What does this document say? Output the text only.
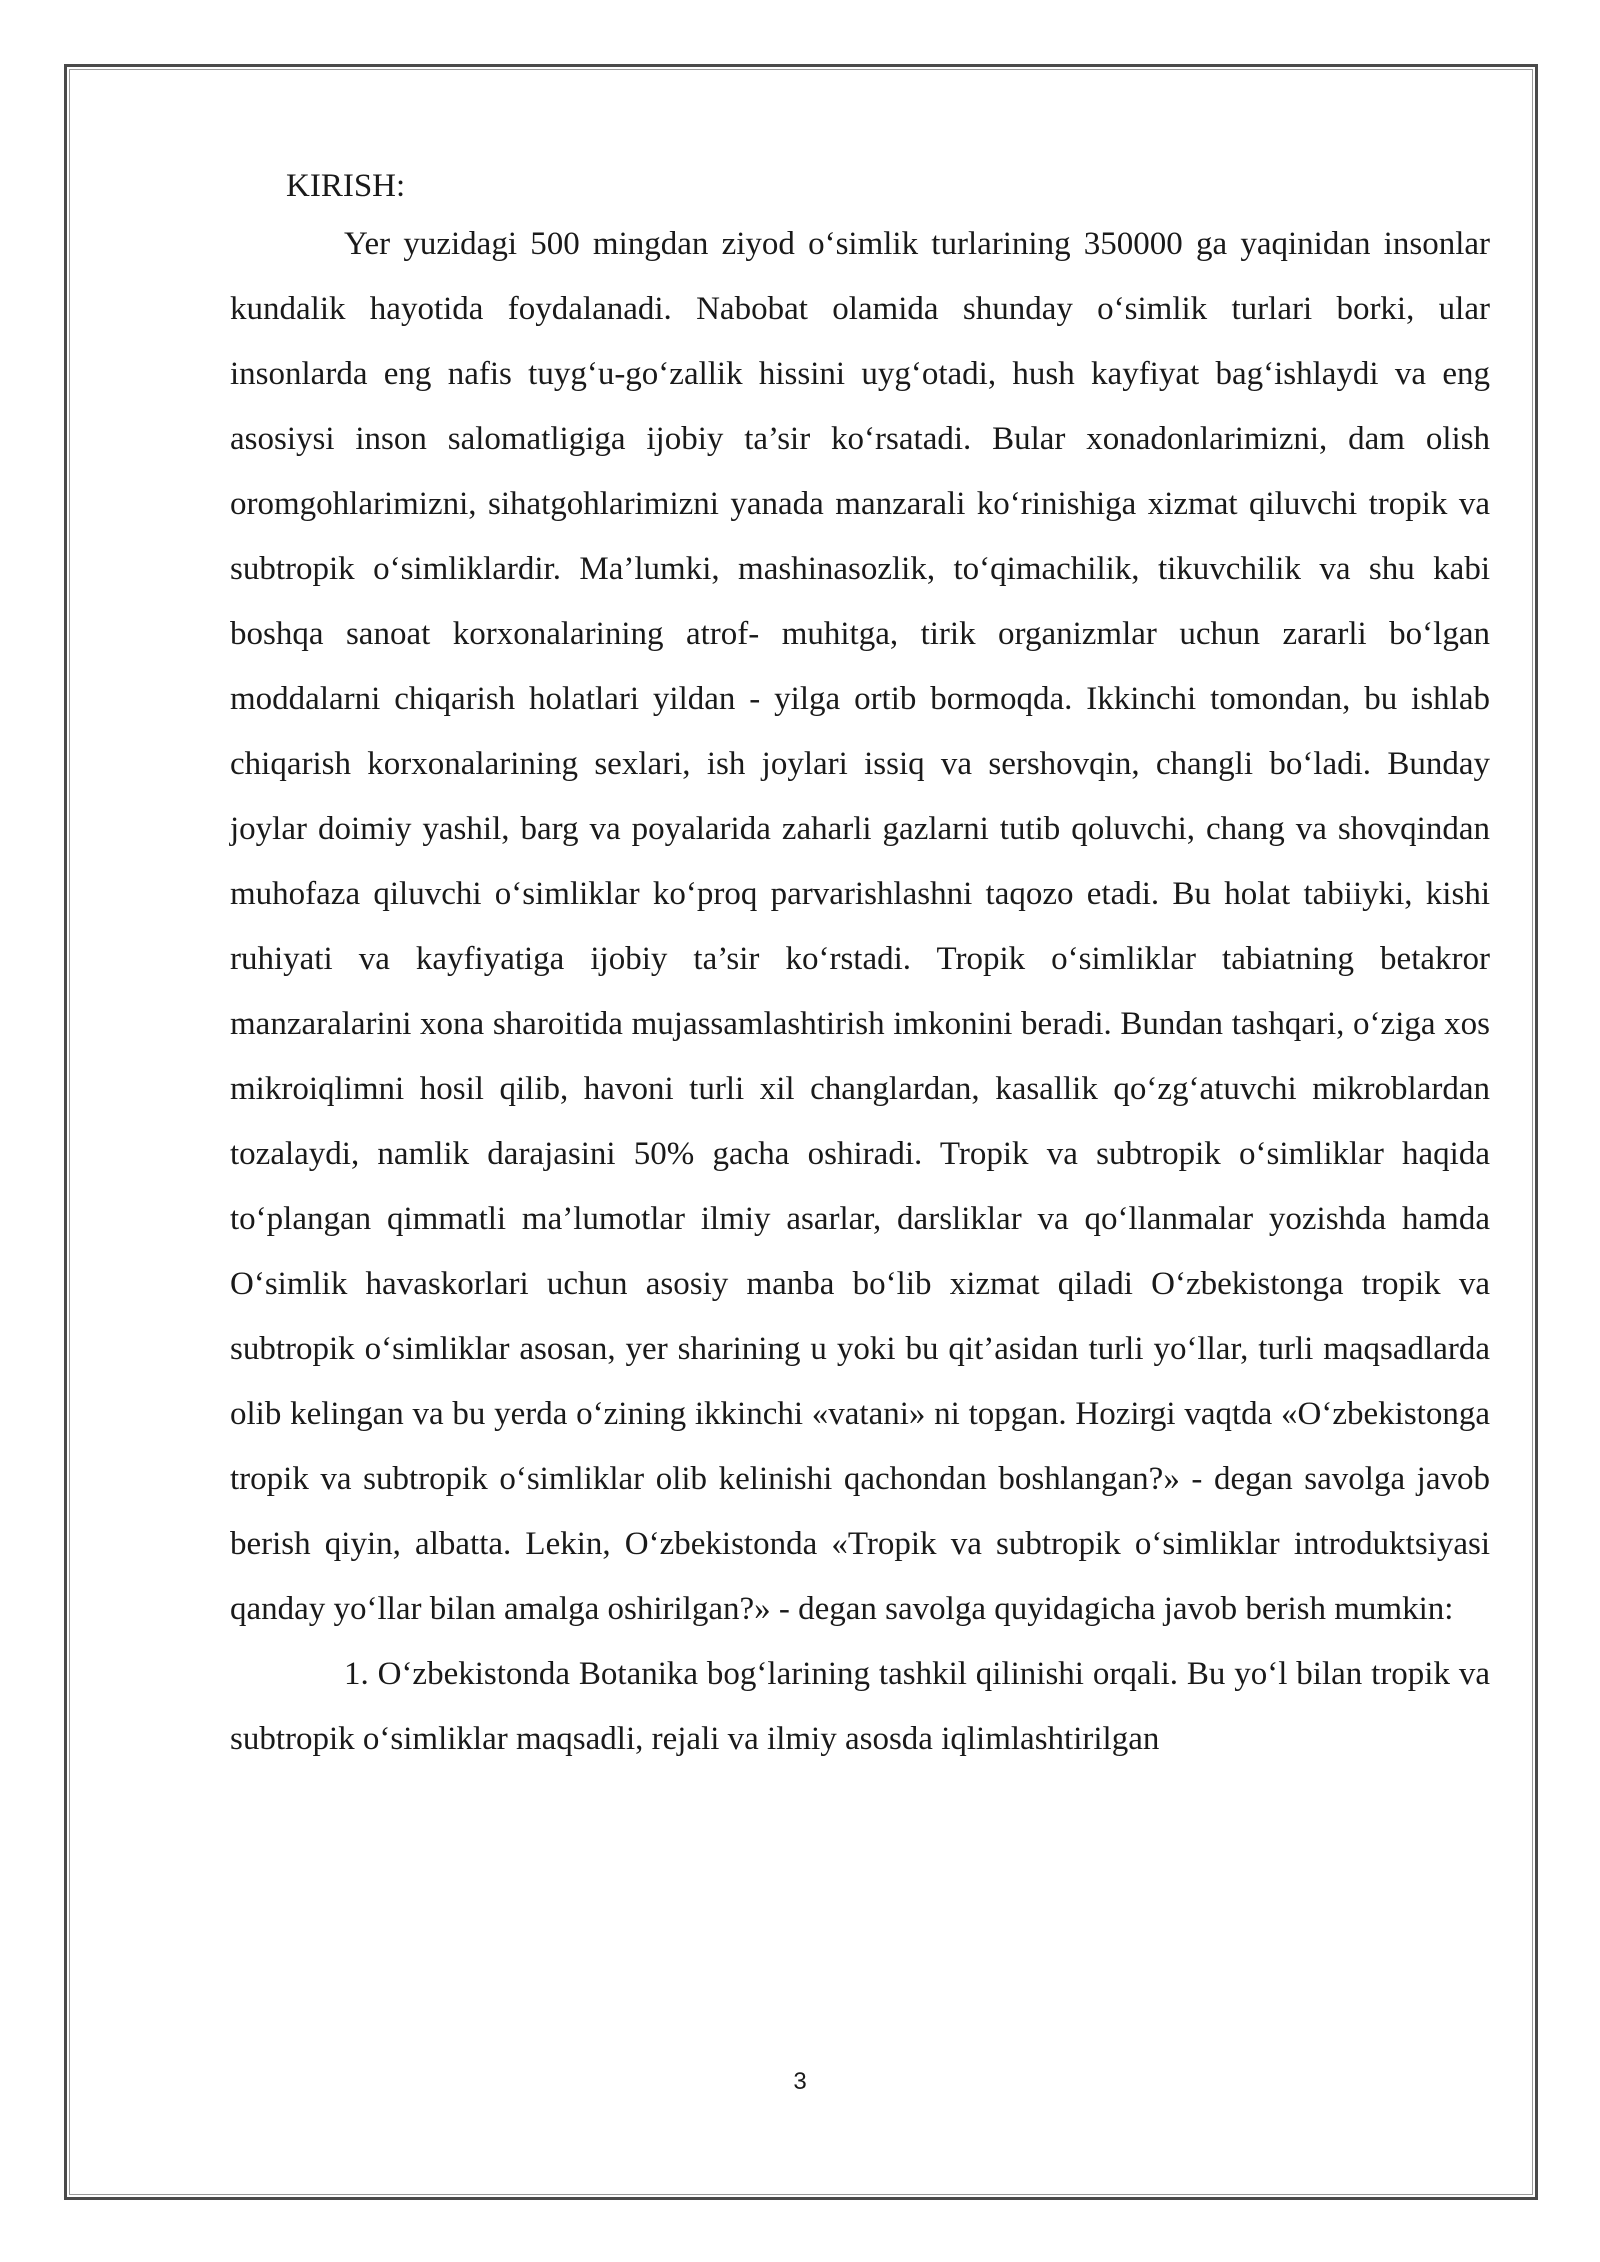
KIRISH:

Yer yuzidagi 500 mingdan ziyod o‘simlik turlarining 350000 ga yaqinidan insonlar kundalik hayotida foydalanadi. Nabobat olamida shunday o‘simlik turlari borki, ular insonlarda eng nafis tuyg‘u-go‘zallik hissini uyg‘otadi, hush kayfiyat bag‘ishlaydi va eng asosiysi inson salomatligiga ijobiy ta’sir ko‘rsatadi. Bular xonadonlarimizni, dam olish oromgohlarimizni, sihatgohlarimizni yanada manzarali ko‘rinishiga xizmat qiluvchi tropik va subtropik o‘simliklardir. Ma’lumki, mashinasozlik, to‘qimachilik, tikuvchilik va shu kabi boshqa sanoat korxonalarining atrof- muhitga, tirik organizmlar uchun zararli bo‘lgan moddalarni chiqarish holatlari yildan - yilga ortib bormoqda. Ikkinchi tomondan, bu ishlab chiqarish korxonalarining sexlari, ish joylari issiq va sershovqin, changli bo‘ladi. Bunday joylar doimiy yashil, barg va poyalarida zaharli gazlarni tutib qoluvchi, chang va shovqindan muhofaza qiluvchi o‘simliklar ko‘proq parvarishlashni taqozo etadi. Bu holat tabiiyki, kishi ruhiyati va kayfiyatiga ijobiy ta’sir ko‘rstadi. Tropik o‘simliklar tabiatning betakror manzaralarini xona sharoitida mujassamlashtirish imkonini beradi. Bundan tashqari, o‘ziga xos mikroiqlimni hosil qilib, havoni turli xil changlardan, kasallik qo‘zg‘atuvchi mikroblardan tozalaydi, namlik darajasini 50% gacha oshiradi. Tropik va subtropik o‘simliklar haqida to‘plangan qimmatli ma’lumotlar ilmiy asarlar, darsliklar va qo‘llanmalar yozishda hamda O‘simlik havaskorlari uchun asosiy manba bo‘lib xizmat qiladi O‘zbekistonga tropik va subtropik o‘simliklar asosan, yer sharining u yoki bu qit’asidan turli yo‘llar, turli maqsadlarda olib kelingan va bu yerda o‘zining ikkinchi «vatani» ni topgan. Hozirgi vaqtda «O‘zbekistonga tropik va subtropik o‘simliklar olib kelinishi qachondan boshlangan?» - degan savolga javob berish qiyin, albatta. Lekin, O‘zbekistonda «Tropik va subtropik o‘simliklar introduktsiyasi qanday yo‘llar bilan amalga oshirilgan?» - degan savolga quyidagicha javob berish mumkin:

1. O‘zbekistonda Botanika bog‘larining tashkil qilinishi orqali. Bu yo‘l bilan tropik va subtropik o‘simliklar maqsadli, rejali va ilmiy asosda iqlimlashtirilgan

3
